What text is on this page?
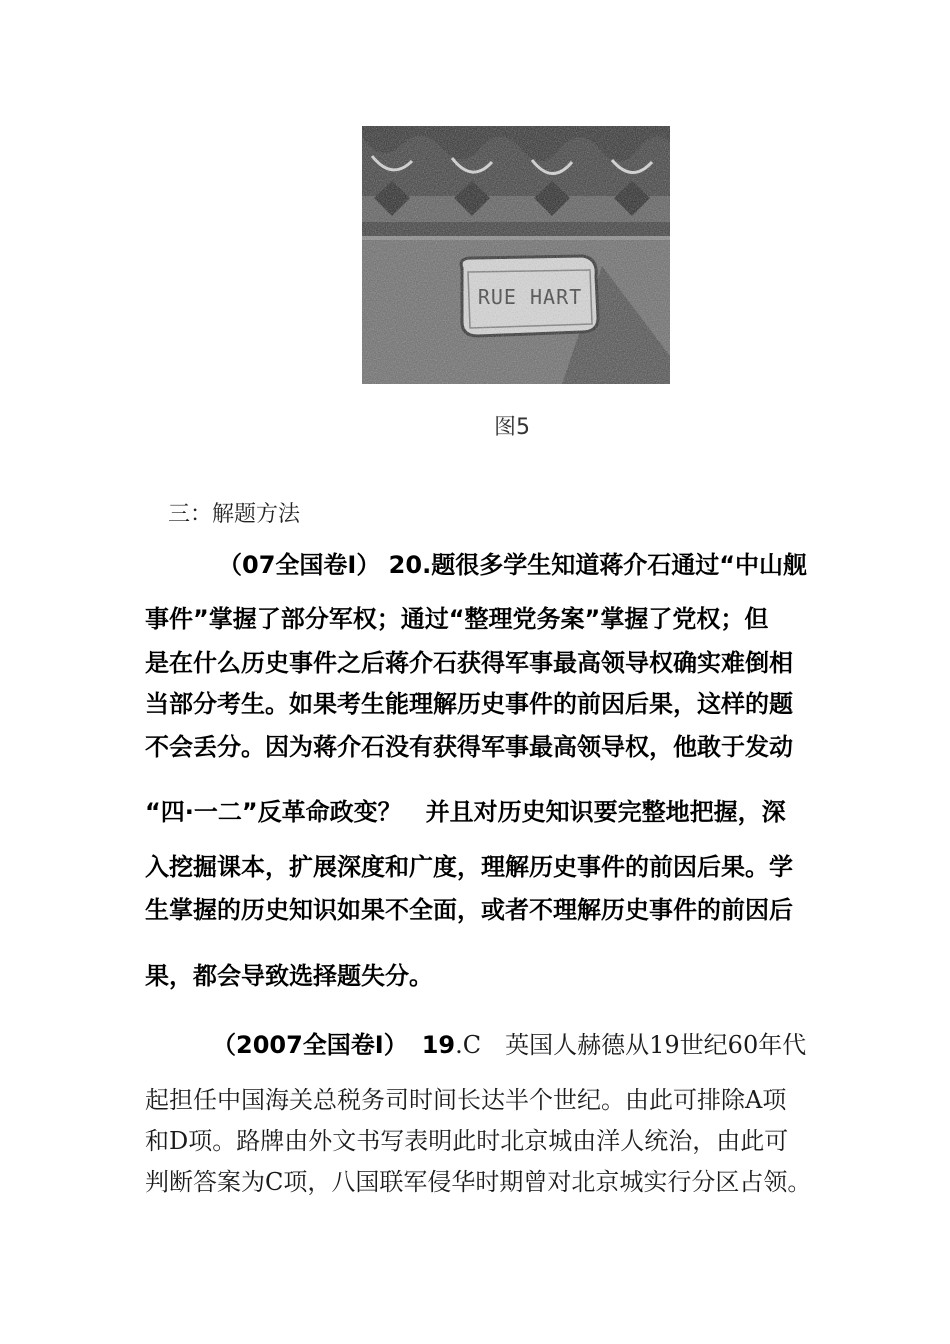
图5
三：解题方法
（07全国卷Ⅰ） 20.题很多学生知道蒋介石通过“中山舰
事件”掌握了部分军权；通过“整理党务案”掌握了党权；但
是在什么历史事件之后蒋介石获得军事最高领导权确实难倒相
当部分考生。如果考生能理解历史事件的前因后果，这样的题
不会丢分。因为蒋介石没有获得军事最高领导权，他敢于发动
“四·一二”反革命政变？　并且对历史知识要完整地把握，深
入挖掘课本，扩展深度和广度，理解历史事件的前因后果。学
生掌握的历史知识如果不全面，或者不理解历史事件的前因后
果，都会导致选择题失分。
（2007全国卷Ⅰ） 19.C　英国人赫德从19世纪60年代
起担任中国海关总税务司时间长达半个世纪。由此可排除A项
和D项。路牌由外文书写表明此时北京城由洋人统治，由此可
判断答案为C项，八国联军侵华时期曾对北京城实行分区占领。
